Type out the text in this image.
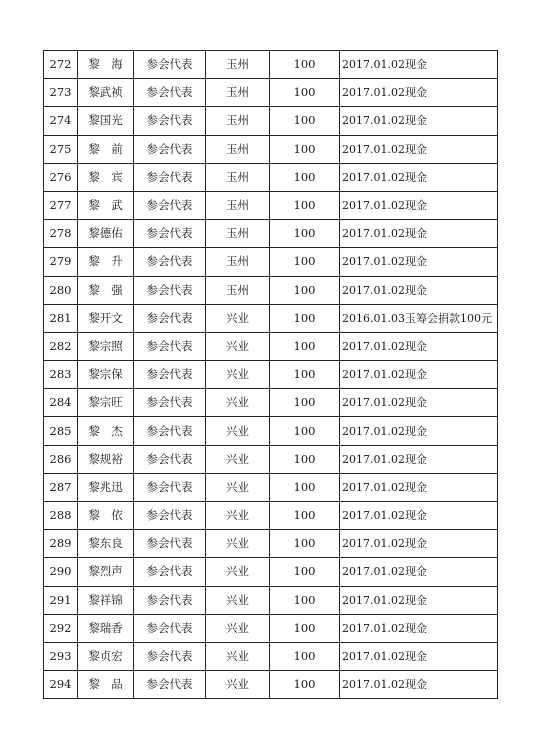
272	黎　海	参会代表	玉州	100	2017.01.02现金
273	黎武祯	参会代表	玉州	100	2017.01.02现金
274	黎国光	参会代表	玉州	100	2017.01.02现金
275	黎　前	参会代表	玉州	100	2017.01.02现金
276	黎　宾	参会代表	玉州	100	2017.01.02现金
277	黎　武	参会代表	玉州	100	2017.01.02现金
278	黎德佑	参会代表	玉州	100	2017.01.02现金
279	黎　升	参会代表	玉州	100	2017.01.02现金
280	黎　强	参会代表	玉州	100	2017.01.02现金
281	黎开文	参会代表	兴业	100	2016.01.03玉筹会捐款100元
282	黎宗照	参会代表	兴业	100	2017.01.02现金
283	黎宗保	参会代表	兴业	100	2017.01.02现金
284	黎宗旺	参会代表	兴业	100	2017.01.02现金
285	黎　杰	参会代表	兴业	100	2017.01.02现金
286	黎规裕	参会代表	兴业	100	2017.01.02现金
287	黎兆迅	参会代表	兴业	100	2017.01.02现金
288	黎　依	参会代表	兴业	100	2017.01.02现金
289	黎东良	参会代表	兴业	100	2017.01.02现金
290	黎烈声	参会代表	兴业	100	2017.01.02现金
291	黎祥锦	参会代表	兴业	100	2017.01.02现金
292	黎瑞香	参会代表	兴业	100	2017.01.02现金
293	黎贞宏	参会代表	兴业	100	2017.01.02现金
294	黎　品	参会代表	兴业	100	2017.01.02现金
